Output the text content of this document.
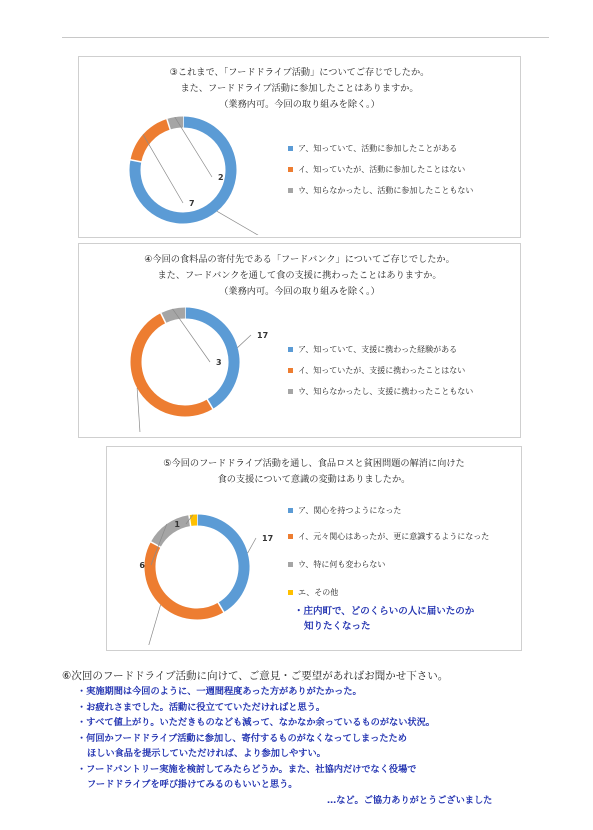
③これまで、「フードドライブ活動」についてご存じでしたか。
また、フードドライブ活動に参加したことはありますか。
（業務内可。今回の取り組みを除く。）
7
2
ア、知っていて、活動に参加したことがある
イ、知っていたが、活動に参加したことはない
ウ、知らなかったし、活動に参加したこともない
④今回の食料品の寄付先である「フードバンク」についてご存じでしたか。
また、フードバンクを通して食の支援に携わったことはありますか。
（業務内可。今回の取り組みを除く。）
17
3
ア、知っていて、支援に携わった経験がある
イ、知っていたが、支援に携わったことはない
ウ、知らなかったし、支援に携わったこともない
⑤今回のフードドライブ活動を通し、食品ロスと貧困問題の解消に向けた
食の支援について意識の変動はありましたか。
17
6
1
ア、関心を持つようになった
イ、元々関心はあったが、更に意識するようになった
ウ、特に何も変わらない
エ、その他
・庄内町で、どのくらいの人に届いたのか
知りたくなった
⑥次回のフードドライブ活動に向けて、ご意見・ご要望があればお聞かせ下さい。
・実施期間は今回のように、一週間程度あった方がありがたかった。
・お疲れさまでした。活動に役立てていただければと思う。
・すべて値上がり。いただきものなども減って、なかなか余っているものがない状況。
・何回かフードドライブ活動に参加し、寄付するものがなくなってしまったため
ほしい食品を提示していただければ、より参加しやすい。
・フードパントリー実施を検討してみたらどうか。また、社協内だけでなく役場で
フードドライブを呼び掛けてみるのもいいと思う。
…など。ご協力ありがとうございました
